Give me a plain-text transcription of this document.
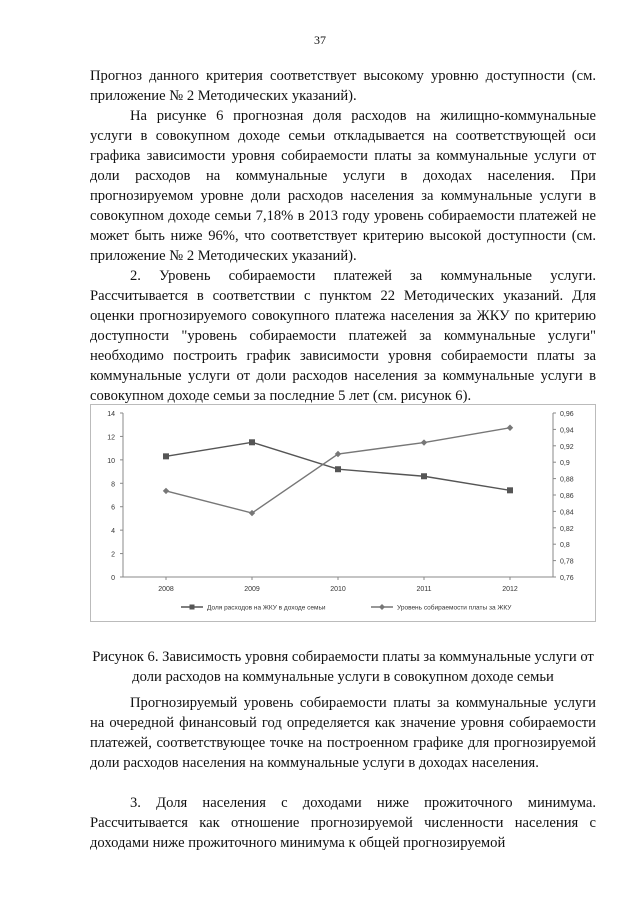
37

Прогноз данного критерия соответствует высокому уровню доступности (см. приложение № 2 Методических указаний).

На рисунке 6 прогнозная доля расходов на жилищно-коммунальные услуги в совокупном доходе семьи откладывается на соответствующей оси графика зависимости уровня собираемости платы за коммунальные услуги от доли расходов на коммунальные услуги в доходах населения. При прогнозируемом уровне доли расходов населения за коммунальные услуги в совокупном доходе семьи 7,18% в 2013 году уровень собираемости платежей не может быть ниже 96%, что соответствует критерию высокой доступности (см. приложение № 2 Методических указаний).

2. Уровень собираемости платежей за коммунальные услуги. Рассчитывается в соответствии с пунктом 22 Методических указаний. Для оценки прогнозируемого совокупного платежа населения за ЖКУ по критерию доступности "уровень собираемости платежей за коммунальные услуги" необходимо построить график зависимости уровня собираемости платы за коммунальные услуги от доли расходов населения за коммунальные услуги в совокупном доходе семьи за последние 5 лет (см. рисунок 6).

0
2
4
6
8
10
12
14
0,76
0,78
0,8
0,82
0,84
0,86
0,88
0,9
0,92
0,94
0,96
2008	2009	2010	2011	2012
Доля расходов на ЖКУ в доходе семьи	Уровень собираемости платы за ЖКУ

Рисунок 6. Зависимость уровня собираемости платы за коммунальные услуги от доли расходов на коммунальные услуги в совокупном доходе семьи

Прогнозируемый уровень собираемости платы за коммунальные услуги на очередной финансовый год определяется как значение уровня собираемости платежей, соответствующее точке на построенном графике для прогнозируемой доли расходов населения на коммунальные услуги в доходах населения.

3. Доля населения с доходами ниже прожиточного минимума. Рассчитывается как отношение прогнозируемой численности населения с доходами ниже прожиточного минимума к общей прогнозируемой
